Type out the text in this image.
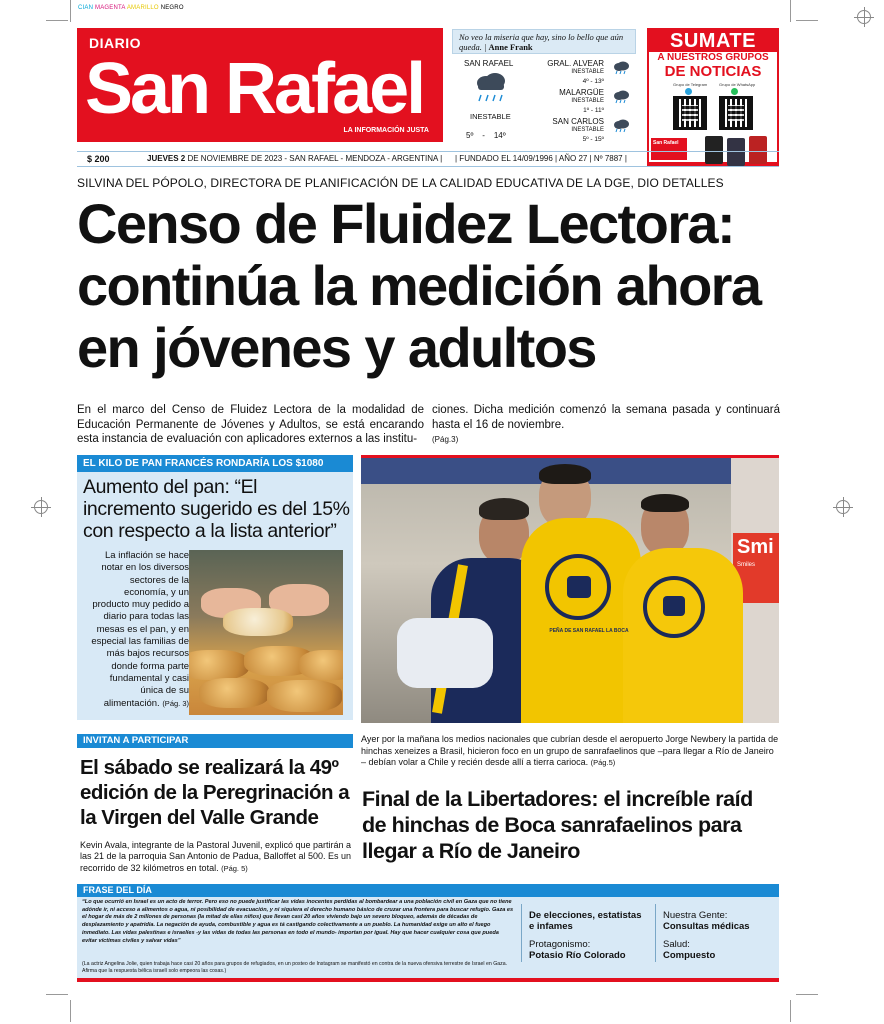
CIAN MAGENTA AMARILLO NEGRO
DIARIO
San Rafael
LA INFORMACIÓN JUSTA
No veo la miseria que hay, sino lo bello que aún queda. | Anne Frank
SAN RAFAEL
INESTABLE
5º - 14º
GRAL. ALVEAR
INESTABLE
4º - 13º
MALARGÜE
INESTABLE
1º - 11º
SAN CARLOS
INESTABLE
5º - 15º
SUMATE
A NUESTROS GRUPOS
DE NOTICIAS
Grupo de Telegram	Grupo de WhatsApp
San Rafael
$ 200	JUEVES 2 DE NOVIEMBRE DE 2023 - SAN RAFAEL - MENDOZA - ARGENTINA | | FUNDADO EL 14/09/1996 | AÑO 27 | Nº 7887 |
SILVINA DEL PÓPOLO, DIRECTORA DE PLANIFICACIÓN DE LA CALIDAD EDUCATIVA DE LA DGE, DIO DETALLES
Censo de Fluidez Lectora:
continúa la medición ahora
en jóvenes y adultos
En el marco del Censo de Fluidez Lectora de la modalidad de Educación Permanente de Jóvenes y Adultos, se está encarando esta instancia de evaluación con aplicadores externos a las institu-
ciones. Dicha medición comenzó la semana pasada y continuará hasta el 16 de noviembre.
(Pág.3)
EL KILO DE PAN FRANCÉS RONDARÍA LOS $1080
Aumento del pan: “El incremento sugerido es del 15% con respecto a la lista anterior”
La inflación se hace notar en los diversos sectores de la economía, y un producto muy pedido a diario para todas las mesas es el pan, y en especial las familias de más bajos recursos donde forma parte fundamental y casi única de su alimentación. (Pág. 3)
Smi
Smiles
PEÑA DE SAN RAFAEL LA BOCA
Ayer por la mañana los medios nacionales que cubrían desde el aeropuerto Jorge Newbery la partida de hinchas xeneizes a Brasil, hicieron foco en un grupo de sanrafaelinos que –para llegar a Río de Janeiro – debían volar a Chile y recién desde allí a tierra carioca. (Pág.5)
Final de la Libertadores: el increíble raíd de hinchas de Boca sanrafaelinos para llegar a Río de Janeiro
INVITAN A PARTICIPAR
El sábado se realizará la 49º edición de la Peregrinación a la Virgen del Valle Grande
Kevin Avala, integrante de la Pastoral Juvenil, explicó que partirán a las 21 de la parroquia San Antonio de Padua, Balloffet al 500. Es un recorrido de 32 kilómetros en total. (Pág. 5)
FRASE DEL DÍA
“Lo que ocurrió en Israel es un acto de terror. Pero eso no puede justificar las vidas inocentes perdidas al bombardear a una población civil en Gaza que no tiene adónde ir, ni acceso a alimentos o agua, ni posibilidad de evacuación, y ni siquiera el derecho humano básico de cruzar una frontera para buscar refugio. Gaza es el hogar de más de 2 millones de personas (la mitad de ellas niños) que llevan casi 20 años viviendo bajo un severo bloqueo, además de décadas de desplazamiento y apatridia. La negación de ayuda, combustible y agua es tá castigando colectivamente a un pueblo. La humanidad exige un alto el fuego inmediato. Las vidas palestinas e israelíes -y las vidas de todas las personas en todo el mundo- importan por igual. Hay que hacer cualquier cosa que pueda evitar víctimas civiles y salvar vidas”
(La actriz Angelina Jolie, quien trabaja hace casi 20 años para grupos de refugiados, en un posteo de Instagram se manifestó en contra de la nueva ofensiva terrestre de Israel en Gaza. Afirma que la respuesta bélica israelí solo empeora las cosas.)
De elecciones, estatistas e infames
Protagonismo:
Potasio Río Colorado
Nuestra Gente:
Consultas médicas
Salud:
Compuesto
